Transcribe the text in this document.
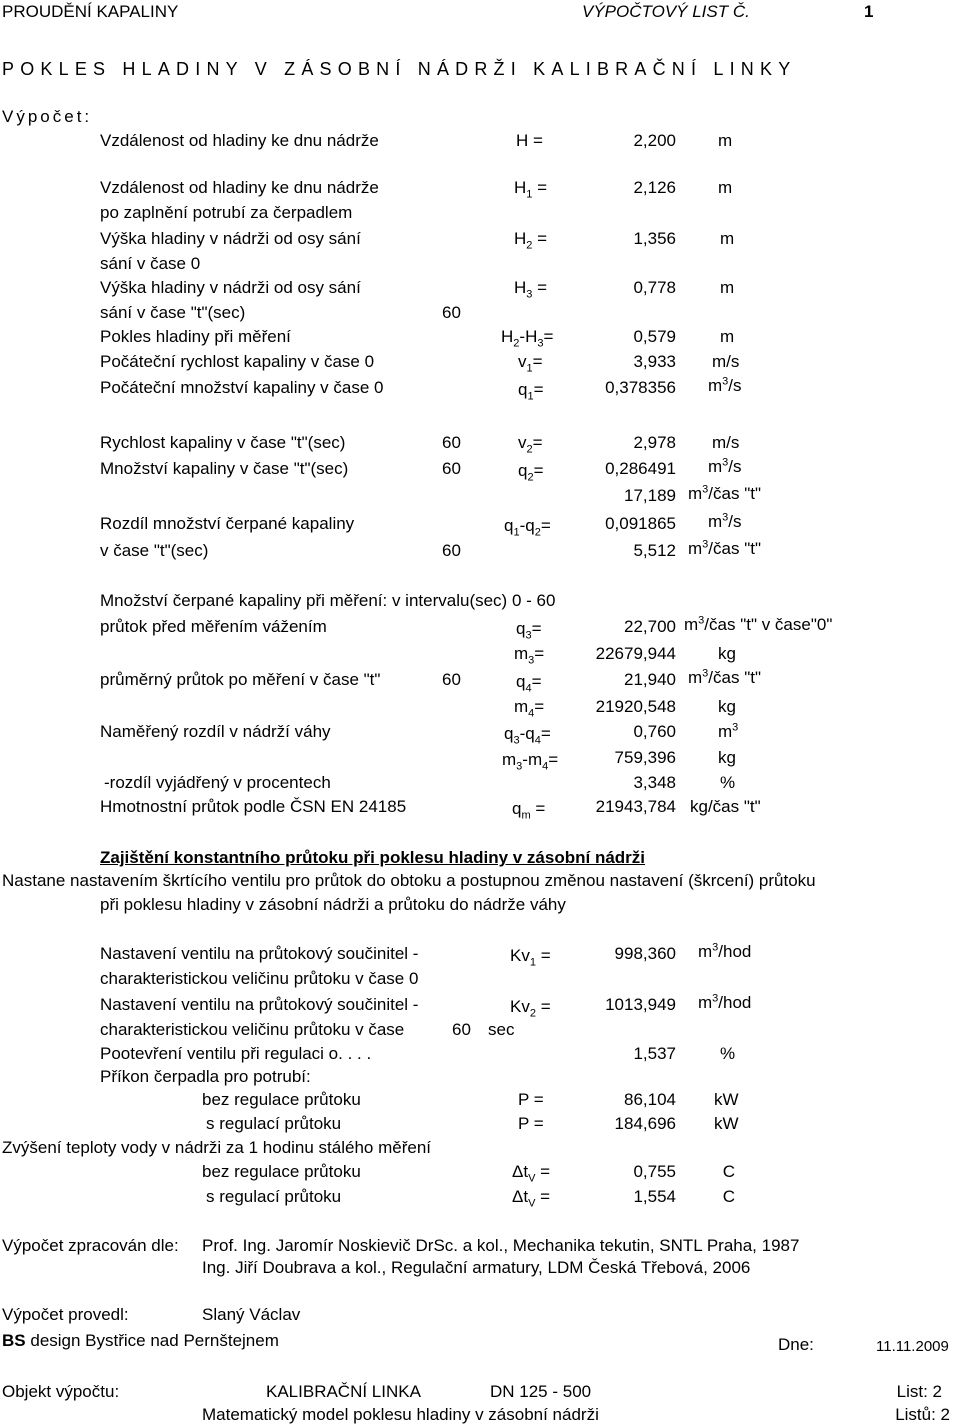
PROUDĚNÍ KAPALINY	VÝPOČTOVÝ LIST Č.	1
POKLES HLADINY V ZÁSOBNÍ NÁDRŽI KALIBRAČNÍ LINKY
Výpočet:
Vzdálenost od hladiny ke dnu nádrže	H =	2,200 m
Vzdálenost od hladiny ke dnu nádrže
po zaplnění potrubí za čerpadlem
$H_1$ =	2,126 m
Výška hladiny v nádrži od osy sání
sání v čase 0
$H_2$ =	1,356	m
Výška hladiny v nádrži od osy sání
sání v čase "t"(sec)	60
$H_3$ =	0,778	m
Pokles hladiny při měření	$H_2-H_3=$	0,579	m
Počáteční rychlost kapaliny v čase 0	$v_1=$	3,933 m/s
Počáteční množství kapaliny v čase 0	$q_1=$	0,378356 $m^3/s$
Rychlost kapaliny v čase "t"(sec)	60	$v_2=$	2,978 m/s
Množství kapaliny v čase "t"(sec)	60	$q_2=$	0,286491 $m^3/s$
17,189 $m^3$/čas "t"
Rozdíl množství čerpané kapaliny	$q_1-q_2=$	0,091865 $m^3/s$
v čase "t"(sec)	60	5,512 $m^3$/čas "t"
Množství čerpané kapaliny při měření: v intervalu(sec) 0 - 60
průtok před měřením vážením	$q_3=$	22,700 $m^3$/čas "t" v čase"0"
$m_3=$	22679,944 kg
průměrný průtok po měření v čase "t"	60	$q_4=$	21,940 $m^3$/čas "t"
$m_4=$	21920,548 kg
Naměřený rozdíl v nádrží váhy	$q_3-q_4=$	0,760 $m^3$
$m_3-m_4=$	759,396 kg
-rozdíl vyjádřený v procentech	3,348	%
Hmotnostní průtok podle ČSN EN 24185	$q_m$ =	21943,784 kg/čas "t"
Zajištění konstantního průtoku při poklesu hladiny v zásobní nádrži
Nastane nastavením škrtícího ventilu pro průtok do obtoku a postupnou změnou nastavení (škrcení) průtoku
při poklesu hladiny v zásobní nádrži a průtoku do nádrže váhy
Nastavení ventilu na průtokový součinitel -
charakteristickou veličinu průtoku v čase 0
$Kv_1$ =	998,360 $m^3$/hod
Nastavení ventilu na průtokový součinitel -
charakteristickou veličinu průtoku v čase	60 sec
$Kv_2$ =	1013,949 $m^3$/hod
Pootevření ventilu při regulaci o. . . .	1,537	%
Příkon čerpadla pro potrubí:
bez regulace průtoku	P =	86,104 kW
s regulací průtoku	P =	184,696 kW
Zvýšení teploty vody v nádrži za 1 hodinu stálého měření
bez regulace průtoku	$\Delta t_V$ =	0,755	C
s regulací průtoku	$\Delta t_V$ =	1,554	C
Výpočet zpracován dle: Prof. Ing. Jaromír Noskievič DrSc. a kol., Mechanika tekutin, SNTL Praha, 1987
Ing. Jiří Doubrava a kol., Regulační armatury, LDM Česká Třebová, 2006
Výpočet provedl:	Slaný Václav
BS design Bystřice nad Pernštejnem	Dne:	11.11.2009
Objekt výpočtu:	KALIBRAČNÍ LINKA	DN 125 - 500	List: 2
Matematický model poklesu hladiny v zásobní nádrži	Listů: 2
